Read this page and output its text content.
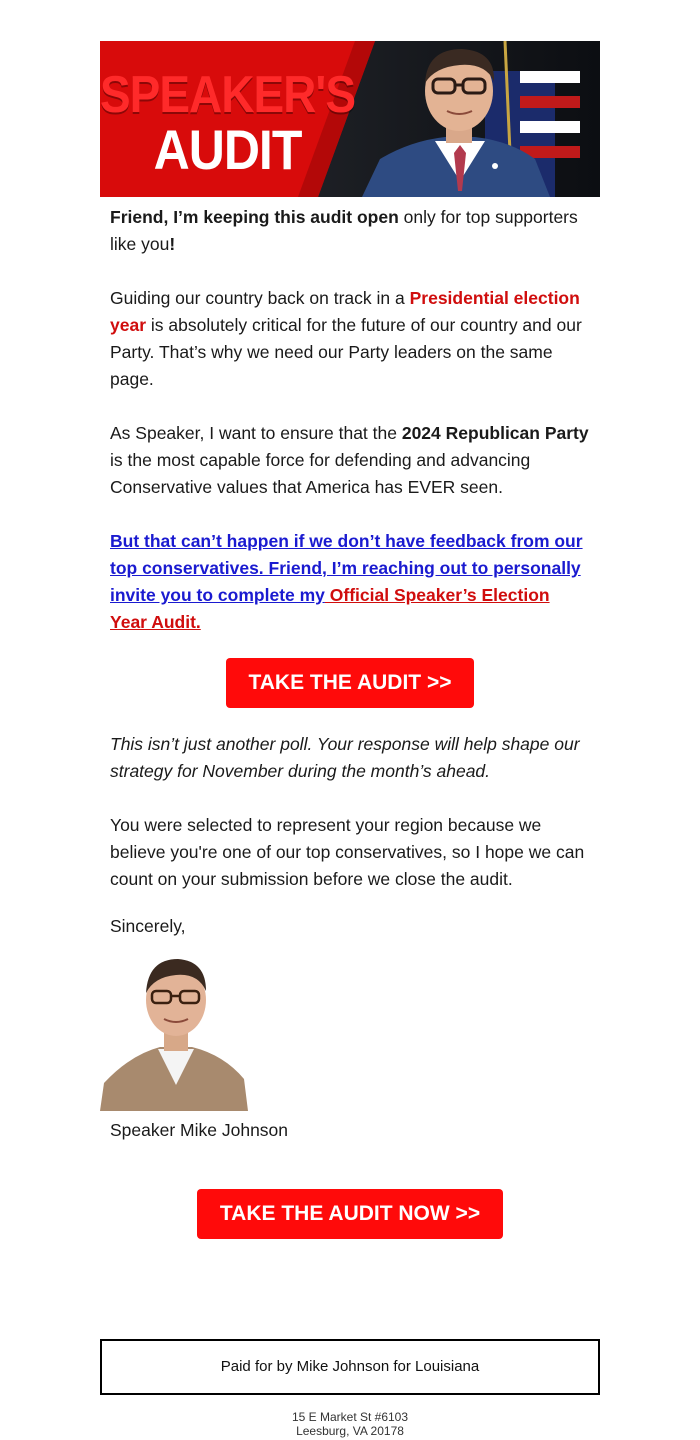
SPEAKER'S
AUDIT

Friend, I’m keeping this audit open only for top supporters like you!

Guiding our country back on track in a Presidential election year is absolutely critical for the future of our country and our Party. That’s why we need our Party leaders on the same page.

As Speaker, I want to ensure that the 2024 Republican Party is the most capable force for defending and advancing Conservative values that America has EVER seen.

But that can’t happen if we don’t have feedback from our top conservatives. Friend, I’m reaching out to personally invite you to complete my Official Speaker’s Election Year Audit.

TAKE THE AUDIT >>

This isn’t just another poll. Your response will help shape our strategy for November during the month’s ahead.

You were selected to represent your region because we believe you're one of our top conservatives, so I hope we can count on your submission before we close the audit.

Sincerely,

Speaker Mike Johnson
TAKE THE AUDIT NOW >>
Paid for by Mike Johnson for Louisiana
15 E Market St #6103
Leesburg, VA 20178
